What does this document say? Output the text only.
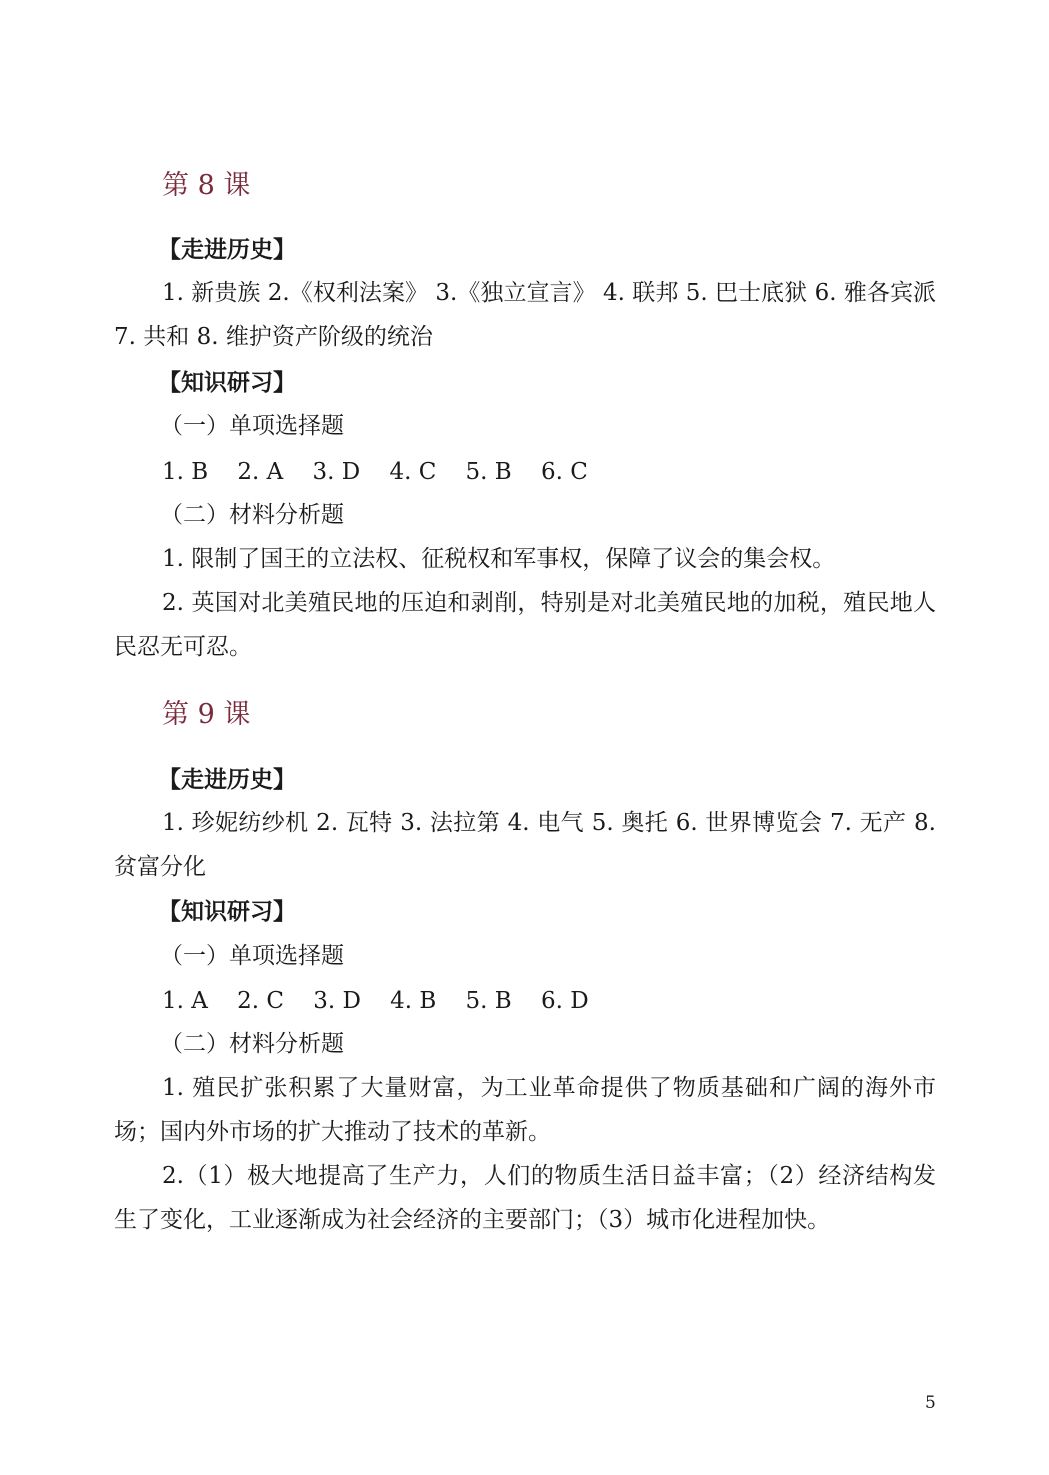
第 8 课
【走进历史】
1. 新贵族 2.《权利法案》 3.《独立宣言》 4. 联邦 5. 巴士底狱 6. 雅各宾派 7. 共和 8. 维护资产阶级的统治
【知识研习】
（一）单项选择题
1. B    2. A    3. D    4. C    5. B    6. C
（二）材料分析题
1. 限制了国王的立法权、征税权和军事权，保障了议会的集会权。
2. 英国对北美殖民地的压迫和剥削，特别是对北美殖民地的加税，殖民地人民忍无可忍。
第 9 课
【走进历史】
1. 珍妮纺纱机 2. 瓦特 3. 法拉第 4. 电气 5. 奥托 6. 世界博览会 7. 无产 8. 贫富分化
【知识研习】
（一）单项选择题
1. A    2. C    3. D    4. B    5. B    6. D
（二）材料分析题
1. 殖民扩张积累了大量财富，为工业革命提供了物质基础和广阔的海外市场；国内外市场的扩大推动了技术的革新。
2.（1）极大地提高了生产力，人们的物质生活日益丰富；（2）经济结构发生了变化，工业逐渐成为社会经济的主要部门；（3）城市化进程加快。
5
